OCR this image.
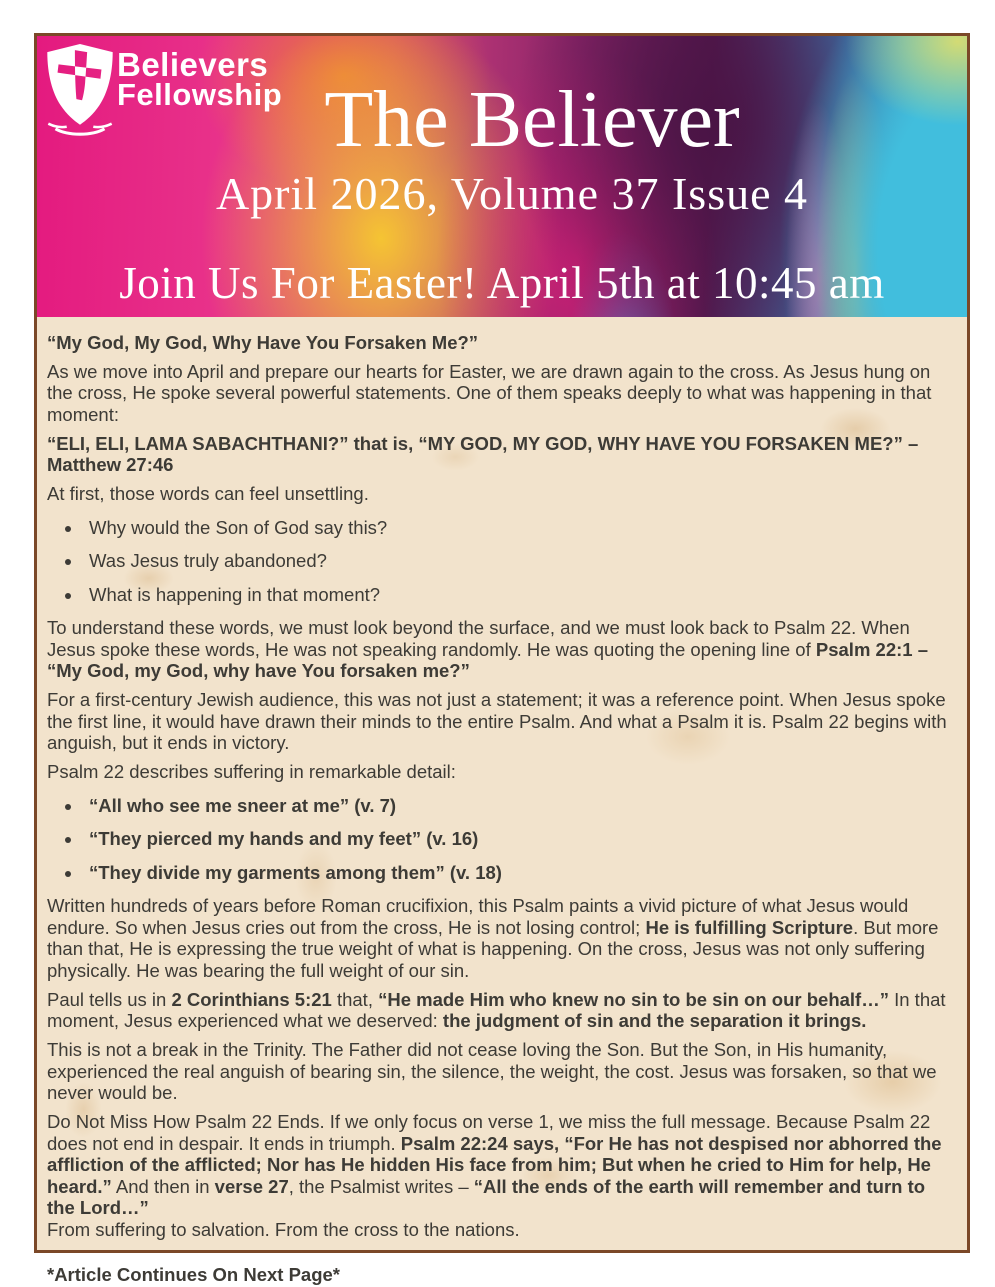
Believers
Fellowship The Believer
April 2026, Volume 37 Issue 4
Join Us For Easter! April 5th at 10:45 am

“My God, My God, Why Have You Forsaken Me?”

As we move into April and prepare our hearts for Easter, we are drawn again to the cross. As Jesus hung on the cross, He spoke several powerful statements. One of them speaks deeply to what was happening in that moment:

“ELI, ELI, LAMA SABACHTHANI?” that is, “MY GOD, MY GOD, WHY HAVE YOU FORSAKEN ME?” – Matthew 27:46

At first, those words can feel unsettling.

• Why would the Son of God say this?
• Was Jesus truly abandoned?
• What is happening in that moment?

To understand these words, we must look beyond the surface, and we must look back to Psalm 22. When
Jesus spoke these words, He was not speaking randomly. He was quoting the opening line of Psalm 22:1 – “My God, my God, why have You forsaken me?”

For a first-century Jewish audience, this was not just a statement; it was a reference point. When Jesus spoke the first line, it would have drawn their minds to the entire Psalm. And what a Psalm it is. Psalm 22 begins with anguish, but it ends in victory.

Psalm 22 describes suffering in remarkable detail:

• “All who see me sneer at me” (v. 7)
• “They pierced my hands and my feet” (v. 16)
• “They divide my garments among them” (v. 18)

Written hundreds of years before Roman crucifixion, this Psalm paints a vivid picture of what Jesus would endure. So when Jesus cries out from the cross, He is not losing control; He is fulfilling Scripture. But more than that, He is expressing the true weight of what is happening. On the cross, Jesus was not only suffering physically. He was bearing the full weight of our sin.

Paul tells us in 2 Corinthians 5:21 that, “He made Him who knew no sin to be sin on our behalf…” In that moment, Jesus experienced what we deserved: the judgment of sin and the separation it brings.

This is not a break in the Trinity. The Father did not cease loving the Son. But the Son, in His humanity, experienced the real anguish of bearing sin, the silence, the weight, the cost. Jesus was forsaken, so that we never would be.

Do Not Miss How Psalm 22 Ends. If we only focus on verse 1, we miss the full message. Because Psalm 22 does not end in despair. It ends in triumph. Psalm 22:24 says, “For He has not despised nor abhorred the affliction of the afflicted; Nor has He hidden His face from him; But when he cried to Him for help, He heard.” And then in verse 27, the Psalmist writes – “All the ends of the earth will remember and turn to the Lord…”
From suffering to salvation. From the cross to the nations.

*Article Continues On Next Page*
